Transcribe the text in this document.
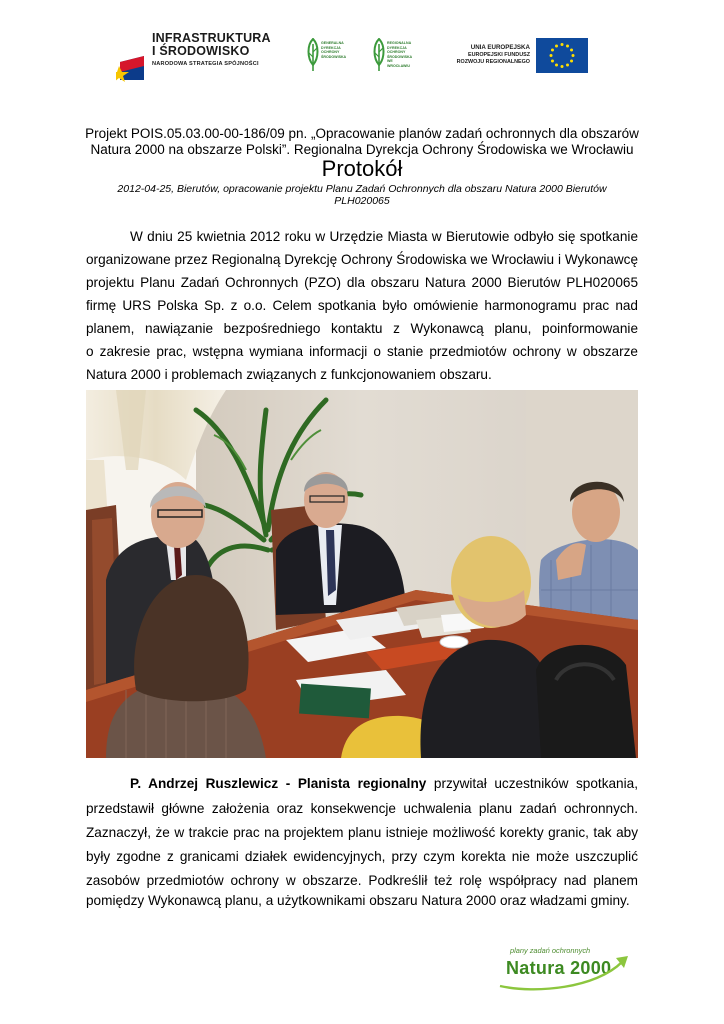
INFRASTRUKTURA
I ŚRODOWISKO
NARODOWA STRATEGIA SPÓJNOŚCI
GENERALNA
DYREKCJA
OCHRONY
ŚRODOWISKA
REGIONALNA
DYREKCJA
OCHRONY
ŚRODOWISKA
WE WROCŁAWIU
UNIA EUROPEJSKA
EUROPEJSKI FUNDUSZ
ROZWOJU REGIONALNEGO
Projekt POIS.05.03.00-00-186/09 pn. „Opracowanie planów zadań ochronnych dla obszarów
Natura 2000 na obszarze Polski”. Regionalna Dyrekcja Ochrony Środowiska we Wrocławiu
Protokół
2012-04-25, Bierutów, opracowanie projektu Planu Zadań Ochronnych dla obszaru Natura 2000 Bierutów
PLH020065
W dniu 25 kwietnia 2012 roku w Urzędzie Miasta w Bierutowie odbyło się spotkanie
organizowane przez Regionalną Dyrekcję Ochrony Środowiska we Wrocławiu i Wykonawcę
projektu Planu Zadań Ochronnych (PZO) dla obszaru Natura 2000 Bierutów PLH020065
firmę URS Polska Sp. z o.o. Celem spotkania było omówienie harmonogramu prac nad
planem, nawiązanie bezpośredniego kontaktu z Wykonawcą planu, poinformowanie
o zakresie prac, wstępna wymiana informacji o stanie przedmiotów ochrony w obszarze
Natura 2000 i problemach związanych z funkcjonowaniem obszaru.
P. Andrzej Ruszlewicz - Planista regionalny przywitał uczestników spotkania,
przedstawił główne założenia oraz konsekwencje uchwalenia planu zadań ochronnych.
Zaznaczył, że w trakcie prac na projektem planu istnieje możliwość korekty granic, tak aby
były zgodne z granicami działek ewidencyjnych, przy czym korekta nie może uszczuplić
zasobów przedmiotów ochrony w obszarze. Podkreślił też rolę współpracy nad planem
pomiędzy Wykonawcą planu, a użytkownikami obszaru Natura 2000 oraz władzami gminy.
plany zadań ochronnych
Natura 2000
